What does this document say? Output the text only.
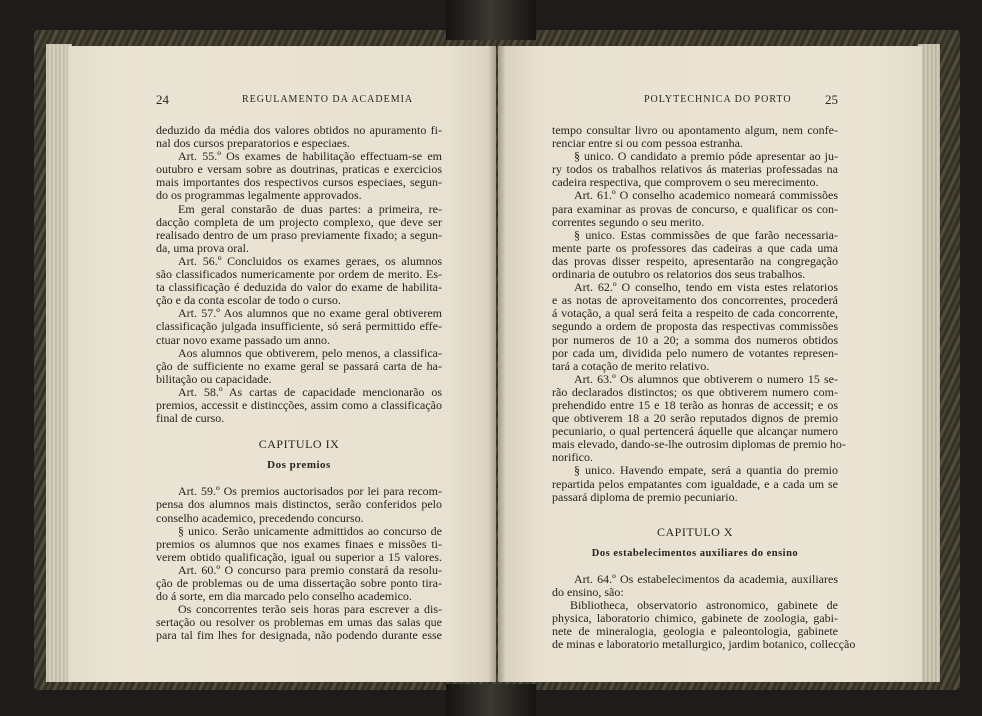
24	REGULAMENTO DA ACADEMIA
deduzido da média dos valores obtidos no apuramento fi-
nal dos cursos preparatorios e especiaes.
Art. 55.º Os exames de habilitação effectuam-se em
outubro e versam sobre as doutrinas, praticas e exercicios
mais importantes dos respectivos cursos especiaes, segun-
do os programmas legalmente approvados.
Em geral constarão de duas partes: a primeira, re-
dacção completa de um projecto complexo, que deve ser
realisado dentro de um praso previamente fixado; a segun-
da, uma prova oral.
Art. 56.º Concluidos os exames geraes, os alumnos
são classificados numericamente por ordem de merito. Es-
ta classificação é deduzida do valor do exame de habilita-
ção e da conta escolar de todo o curso.
Art. 57.º Aos alumnos que no exame geral obtiverem
classificação julgada insufficiente, só será permittido effe-
ctuar novo exame passado um anno.
Aos alumnos que obtiverem, pelo menos, a classifica-
ção de sufficiente no exame geral se passará carta de ha-
bilitação ou capacidade.
Art. 58.º As cartas de capacidade mencionarão os
premios, accessit e distincções, assim como a classificação
final de curso.
CAPITULO IX
Dos premios
Art. 59.º Os premios auctorisados por lei para recom-
pensa dos alumnos mais distinctos, serão conferidos pelo
conselho academico, precedendo concurso.
§ unico. Serão unicamente admittidos ao concurso de
premios os alumnos que nos exames finaes e missões ti-
verem obtido qualificação, igual ou superior a 15 valores.
Art. 60.º O concurso para premio constará da resolu-
ção de problemas ou de uma dissertação sobre ponto tira-
do á sorte, em dia marcado pelo conselho academico.
Os concorrentes terão seis horas para escrever a dis-
sertação ou resolver os problemas em umas das salas que
para tal fim lhes for designada, não podendo durante esse
POLYTECHNICA DO PORTO	25
tempo consultar livro ou apontamento algum, nem confe-
renciar entre si ou com pessoa estranha.
§ unico. O candidato a premio póde apresentar ao ju-
ry todos os trabalhos relativos ás materias professadas na
cadeira respectiva, que comprovem o seu merecimento.
Art. 61.º O conselho academico nomeará commissões
para examinar as provas de concurso, e qualificar os con-
correntes segundo o seu merito.
§ unico. Estas commissões de que farão necessaria-
mente parte os professores das cadeiras a que cada uma
das provas disser respeito, apresentarão na congregação
ordinaria de outubro os relatorios dos seus trabalhos.
Art. 62.º O conselho, tendo em vista estes relatorios
e as notas de aproveitamento dos concorrentes, procederá
á votação, a qual será feita a respeito de cada concorrente,
segundo a ordem de proposta das respectivas commissões
por numeros de 10 a 20; a somma dos numeros obtidos
por cada um, dividida pelo numero de votantes represen-
tará a cotação de merito relativo.
Art. 63.º Os alumnos que obtiverem o numero 15 se-
rão declarados distinctos; os que obtiverem numero com-
prehendido entre 15 e 18 terão as honras de accessit; e os
que obtiverem 18 a 20 serão reputados dignos de premio
pecuniario, o qual pertencerá áquelle que alcançar numero
mais elevado, dando-se-lhe outrosim diplomas de premio ho-
norifico.
§ unico. Havendo empate, será a quantia do premio
repartida pelos empatantes com igualdade, e a cada um se
passará diploma de premio pecuniario.
CAPITULO X
Dos estabelecimentos auxiliares do ensino
Art. 64.º Os estabelecimentos da academia, auxiliares
do ensino, são:
Bibliotheca, observatorio astronomico, gabinete de
physica, laboratorio chimico, gabinete de zoologia, gabi-
nete de mineralogia, geologia e paleontologia, gabinete
de minas e laboratorio metallurgico, jardim botanico, collecção
